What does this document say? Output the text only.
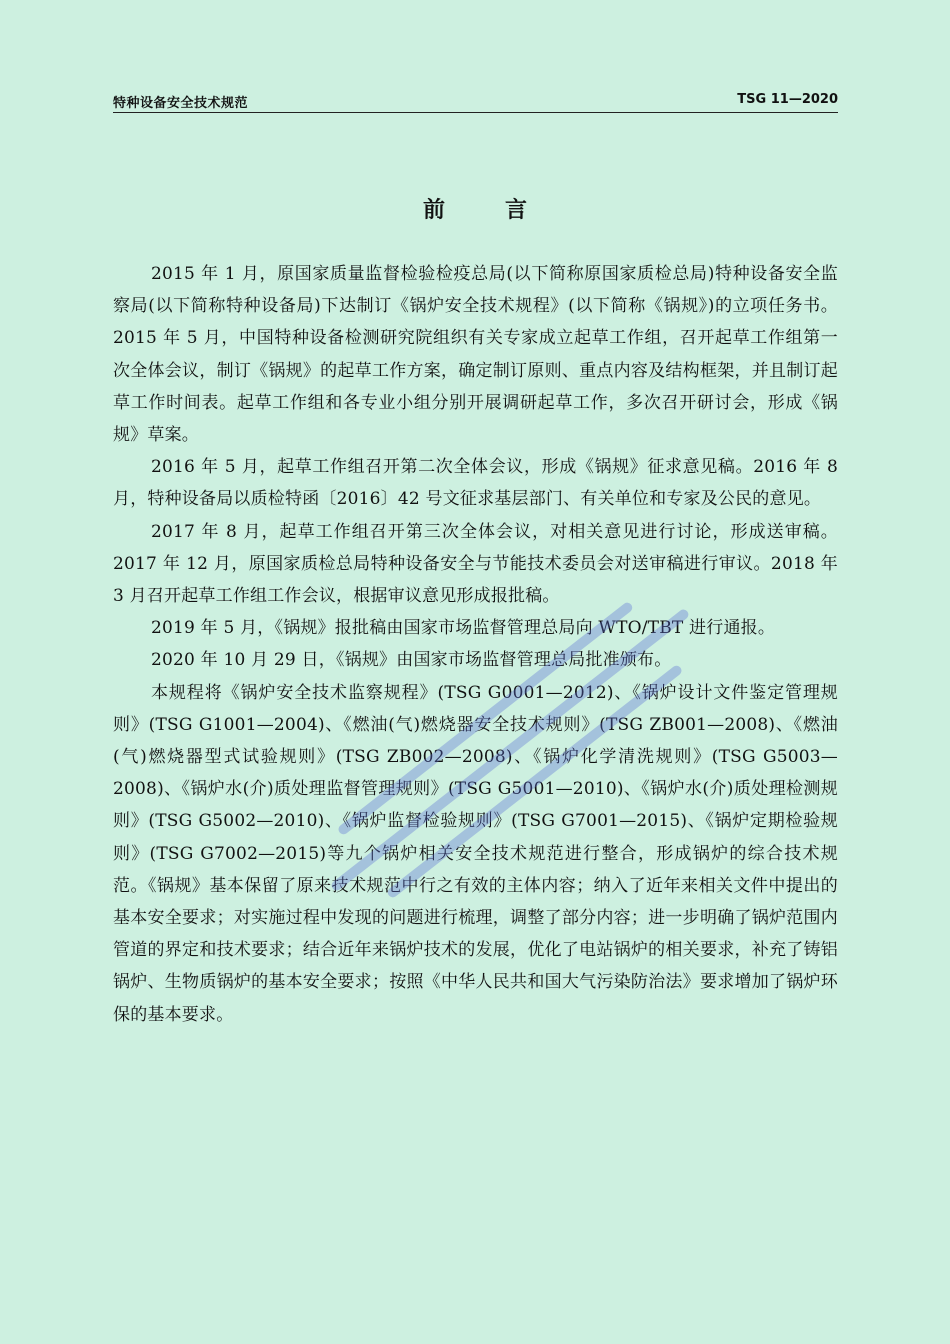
特种设备安全技术规范	TSG 11—2020
前言

2015 年 1 月，原国家质量监督检验检疫总局(以下简称原国家质检总局)特种设备安全监察局(以下简称特种设备局)下达制订《锅炉安全技术规程》(以下简称《锅规》)的立项任务书。2015 年 5 月，中国特种设备检测研究院组织有关专家成立起草工作组，召开起草工作组第一次全体会议，制订《锅规》的起草工作方案，确定制订原则、重点内容及结构框架，并且制订起草工作时间表。起草工作组和各专业小组分别开展调研起草工作，多次召开研讨会，形成《锅规》草案。

2016 年 5 月，起草工作组召开第二次全体会议，形成《锅规》征求意见稿。2016 年 8 月，特种设备局以质检特函〔2016〕42 号文征求基层部门、有关单位和专家及公民的意见。

2017 年 8 月，起草工作组召开第三次全体会议，对相关意见进行讨论，形成送审稿。2017 年 12 月，原国家质检总局特种设备安全与节能技术委员会对送审稿进行审议。2018 年 3 月召开起草工作组工作会议，根据审议意见形成报批稿。

2019 年 5 月，《锅规》报批稿由国家市场监督管理总局向 WTO/TBT 进行通报。

2020 年 10 月 29 日，《锅规》由国家市场监督管理总局批准颁布。

本规程将《锅炉安全技术监察规程》(TSG G0001—2012)、《锅炉设计文件鉴定管理规则》(TSG G1001—2004)、《燃油(气)燃烧器安全技术规则》(TSG ZB001—2008)、《燃油(气)燃烧器型式试验规则》(TSG ZB002—2008)、《锅炉化学清洗规则》(TSG G5003—2008)、《锅炉水(介)质处理监督管理规则》(TSG G5001—2010)、《锅炉水(介)质处理检测规则》(TSG G5002—2010)、《锅炉监督检验规则》(TSG G7001—2015)、《锅炉定期检验规则》(TSG G7002—2015)等九个锅炉相关安全技术规范进行整合，形成锅炉的综合技术规范。《锅规》基本保留了原来技术规范中行之有效的主体内容；纳入了近年来相关文件中提出的基本安全要求；对实施过程中发现的问题进行梳理，调整了部分内容；进一步明确了锅炉范围内管道的界定和技术要求；结合近年来锅炉技术的发展，优化了电站锅炉的相关要求，补充了铸铝锅炉、生物质锅炉的基本安全要求；按照《中华人民共和国大气污染防治法》要求增加了锅炉环保的基本要求。
